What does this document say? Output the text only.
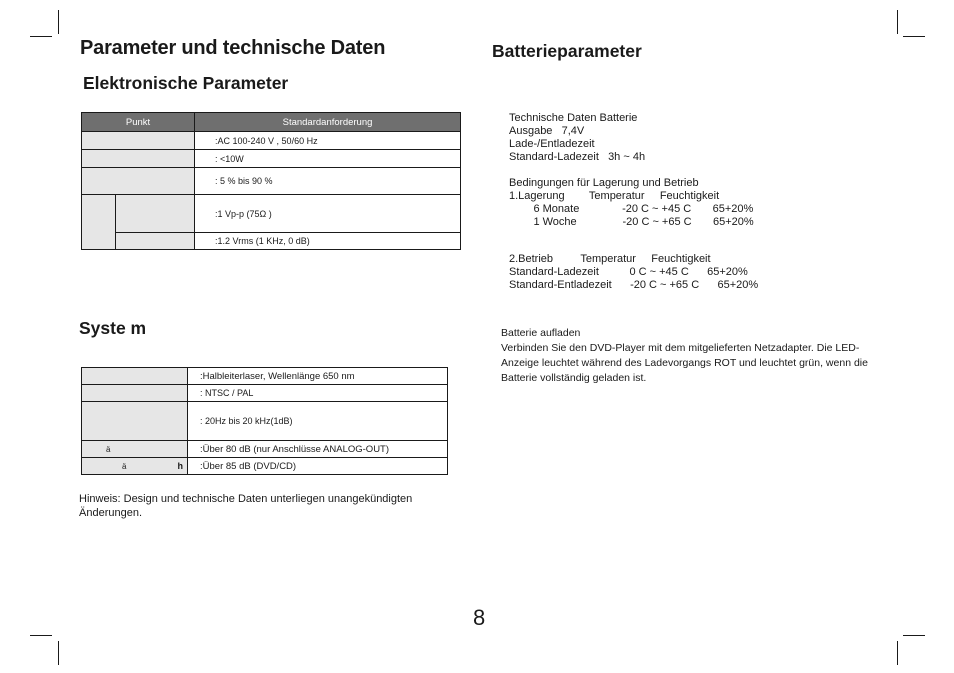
Parameter und technische Daten	Batterieparameter
Elektronische Parameter
Punkt		Standardanforderung
		:AC 100-240 V , 50/60 Hz
		: <10W
		: 5 % bis 90 %
		:1 Vp-p (75Ω )
		:1.2 Vrms (1 KHz, 0 dB)
Syste m
	:Halbleiterlaser, Wellenlänge 650 nm
	: NTSC / PAL
	: 20Hz bis 20 kHz(1dB)
ä	:Über 80 dB (nur Anschlüsse ANALOG-OUT)
ä h	:Über 85 dB (DVD/CD)
Hinweis: Design und technische Daten unterliegen unangekündigten Änderungen.
Technische Daten Batterie
Ausgabe   7,4V
Lade-/Entladezeit
Standard-Ladezeit   3h ~ 4h
Bedingungen für Lagerung und Betrieb
1.Lagerung        Temperatur     Feuchtigkeit
6 Monate              -20 C ~ +45 C       65+20%
1 Woche               -20 C ~ +65 C       65+20%
2.Betrieb         Temperatur     Feuchtigkeit
Standard-Ladezeit          0 C ~ +45 C      65+20%
Standard-Entladezeit      -20 C ~ +65 C      65+20%
Batterie aufladen
Verbinden Sie den DVD-Player mit dem mitgelieferten Netzadapter. Die LED-Anzeige leuchtet während des Ladevorgangs ROT und leuchtet grün, wenn die Batterie vollständig geladen ist.
8
